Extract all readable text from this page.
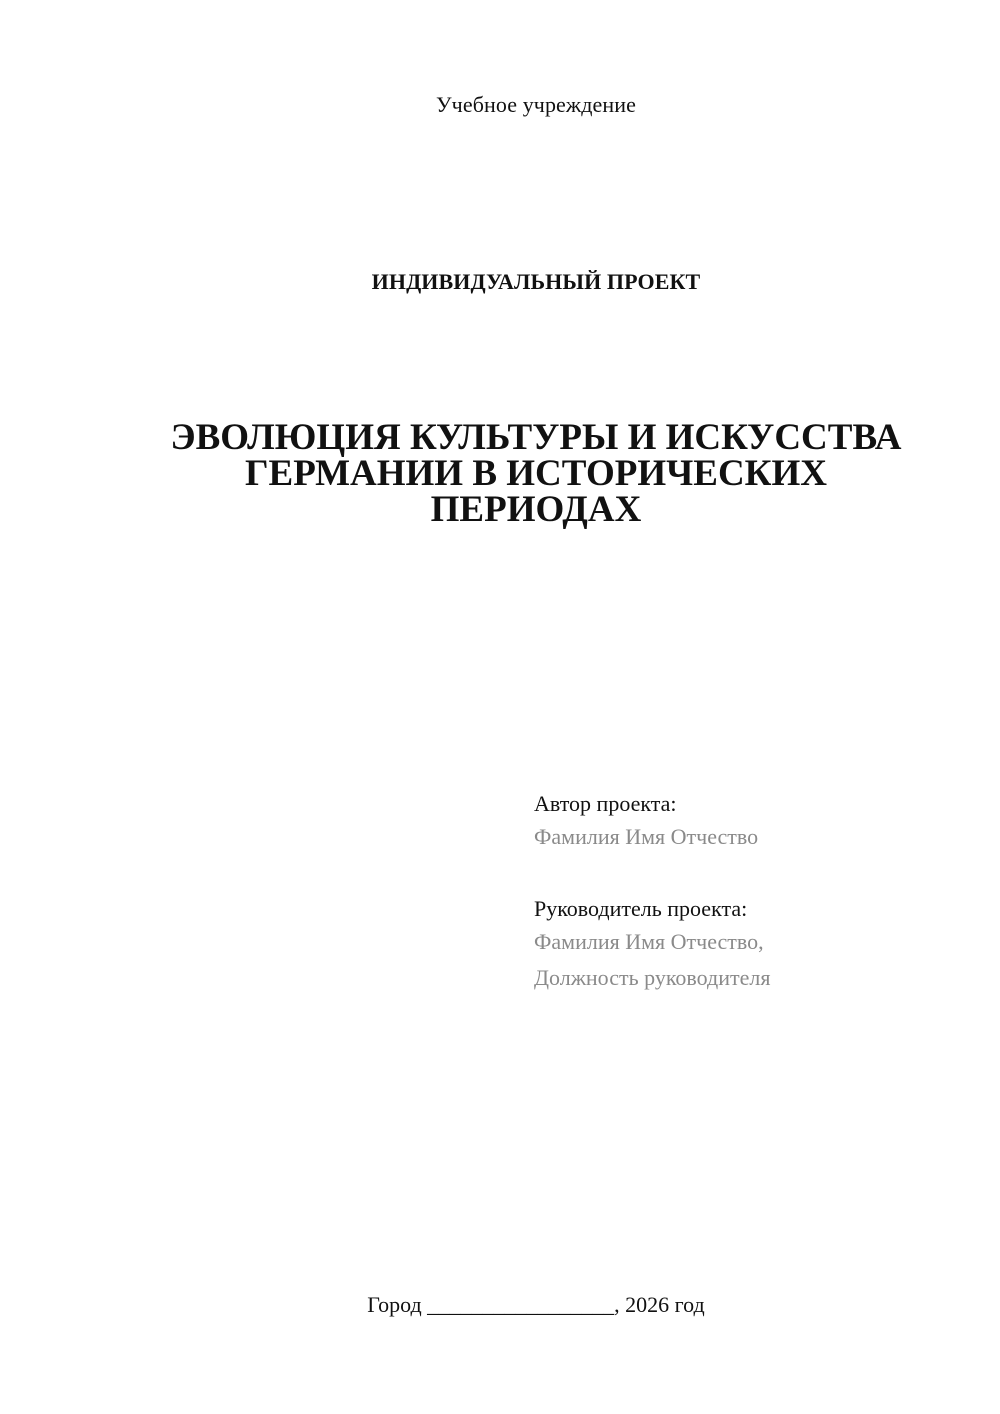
Учебное учреждение
ИНДИВИДУАЛЬНЫЙ ПРОЕКТ
ЭВОЛЮЦИЯ КУЛЬТУРЫ И ИСКУССТВА
ГЕРМАНИИ В ИСТОРИЧЕСКИХ
ПЕРИОДАХ
Автор проекта:
Фамилия Имя Отчество
Руководитель проекта:
Фамилия Имя Отчество,
Должность руководителя
Город _________________, 2026 год
